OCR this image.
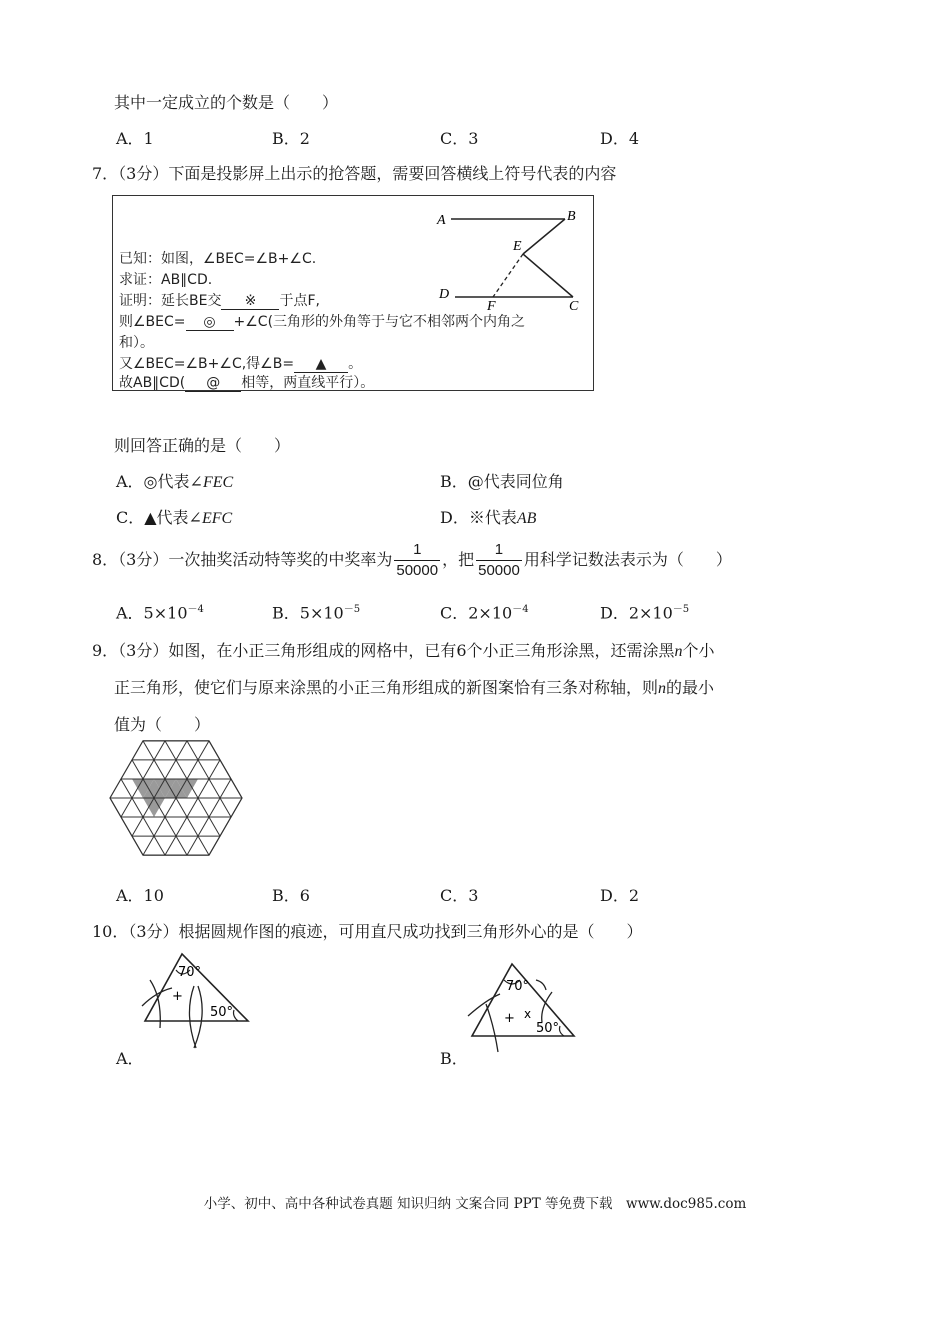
其中一定成立的个数是（　　）
A．1	B．2	C．3	D．4
7．（3分）下面是投影屏上出示的抢答题，需要回答横线上符号代表的内容
已知：如图，∠BEC=∠B+∠C.
求证：AB∥CD.
证明：延长BE交 ※ 于点F,
则∠BEC= ◎ +∠C(三角形的外角等于与它不相邻两个内角之
和）。
又∠BEC=∠B+∠C,得∠B= ▲ 。
故AB∥CD( @ 相等，两直线平行）。
A	B
E
D
F	C
则回答正确的是（　　）
A．◎代表∠FEC	B．@代表同位角
C．▲代表∠EFC	D．※代表AB
8．（3分）一次抽奖活动特等奖的中奖率为 $\frac{1}{50000}$ ，把 $\frac{1}{50000}$ 用科学记数法表示为（　　）
A．$5\times 10^{-4}$	B．$5\times 10^{-5}$	C．$2\times 10^{-4}$	D．$2\times 10^{-5}$
9．（3分）如图，在小正三角形组成的网格中，已有6个小正三角形涂黑，还需涂黑n个小
正三角形，使它们与原来涂黑的小正三角形组成的新图案恰有三条对称轴，则n的最小
值为（　　）
A．10	B．6	C．3	D．2
10．（3分）根据圆规作图的痕迹，可用直尺成功找到三角形外心的是（　　）
+
70°
50°
A．
+ x
70°
50°
B．
小学、初中、高中各种试卷真题 知识归纳 文案合同 PPT 等免费下载　www.doc985.com
